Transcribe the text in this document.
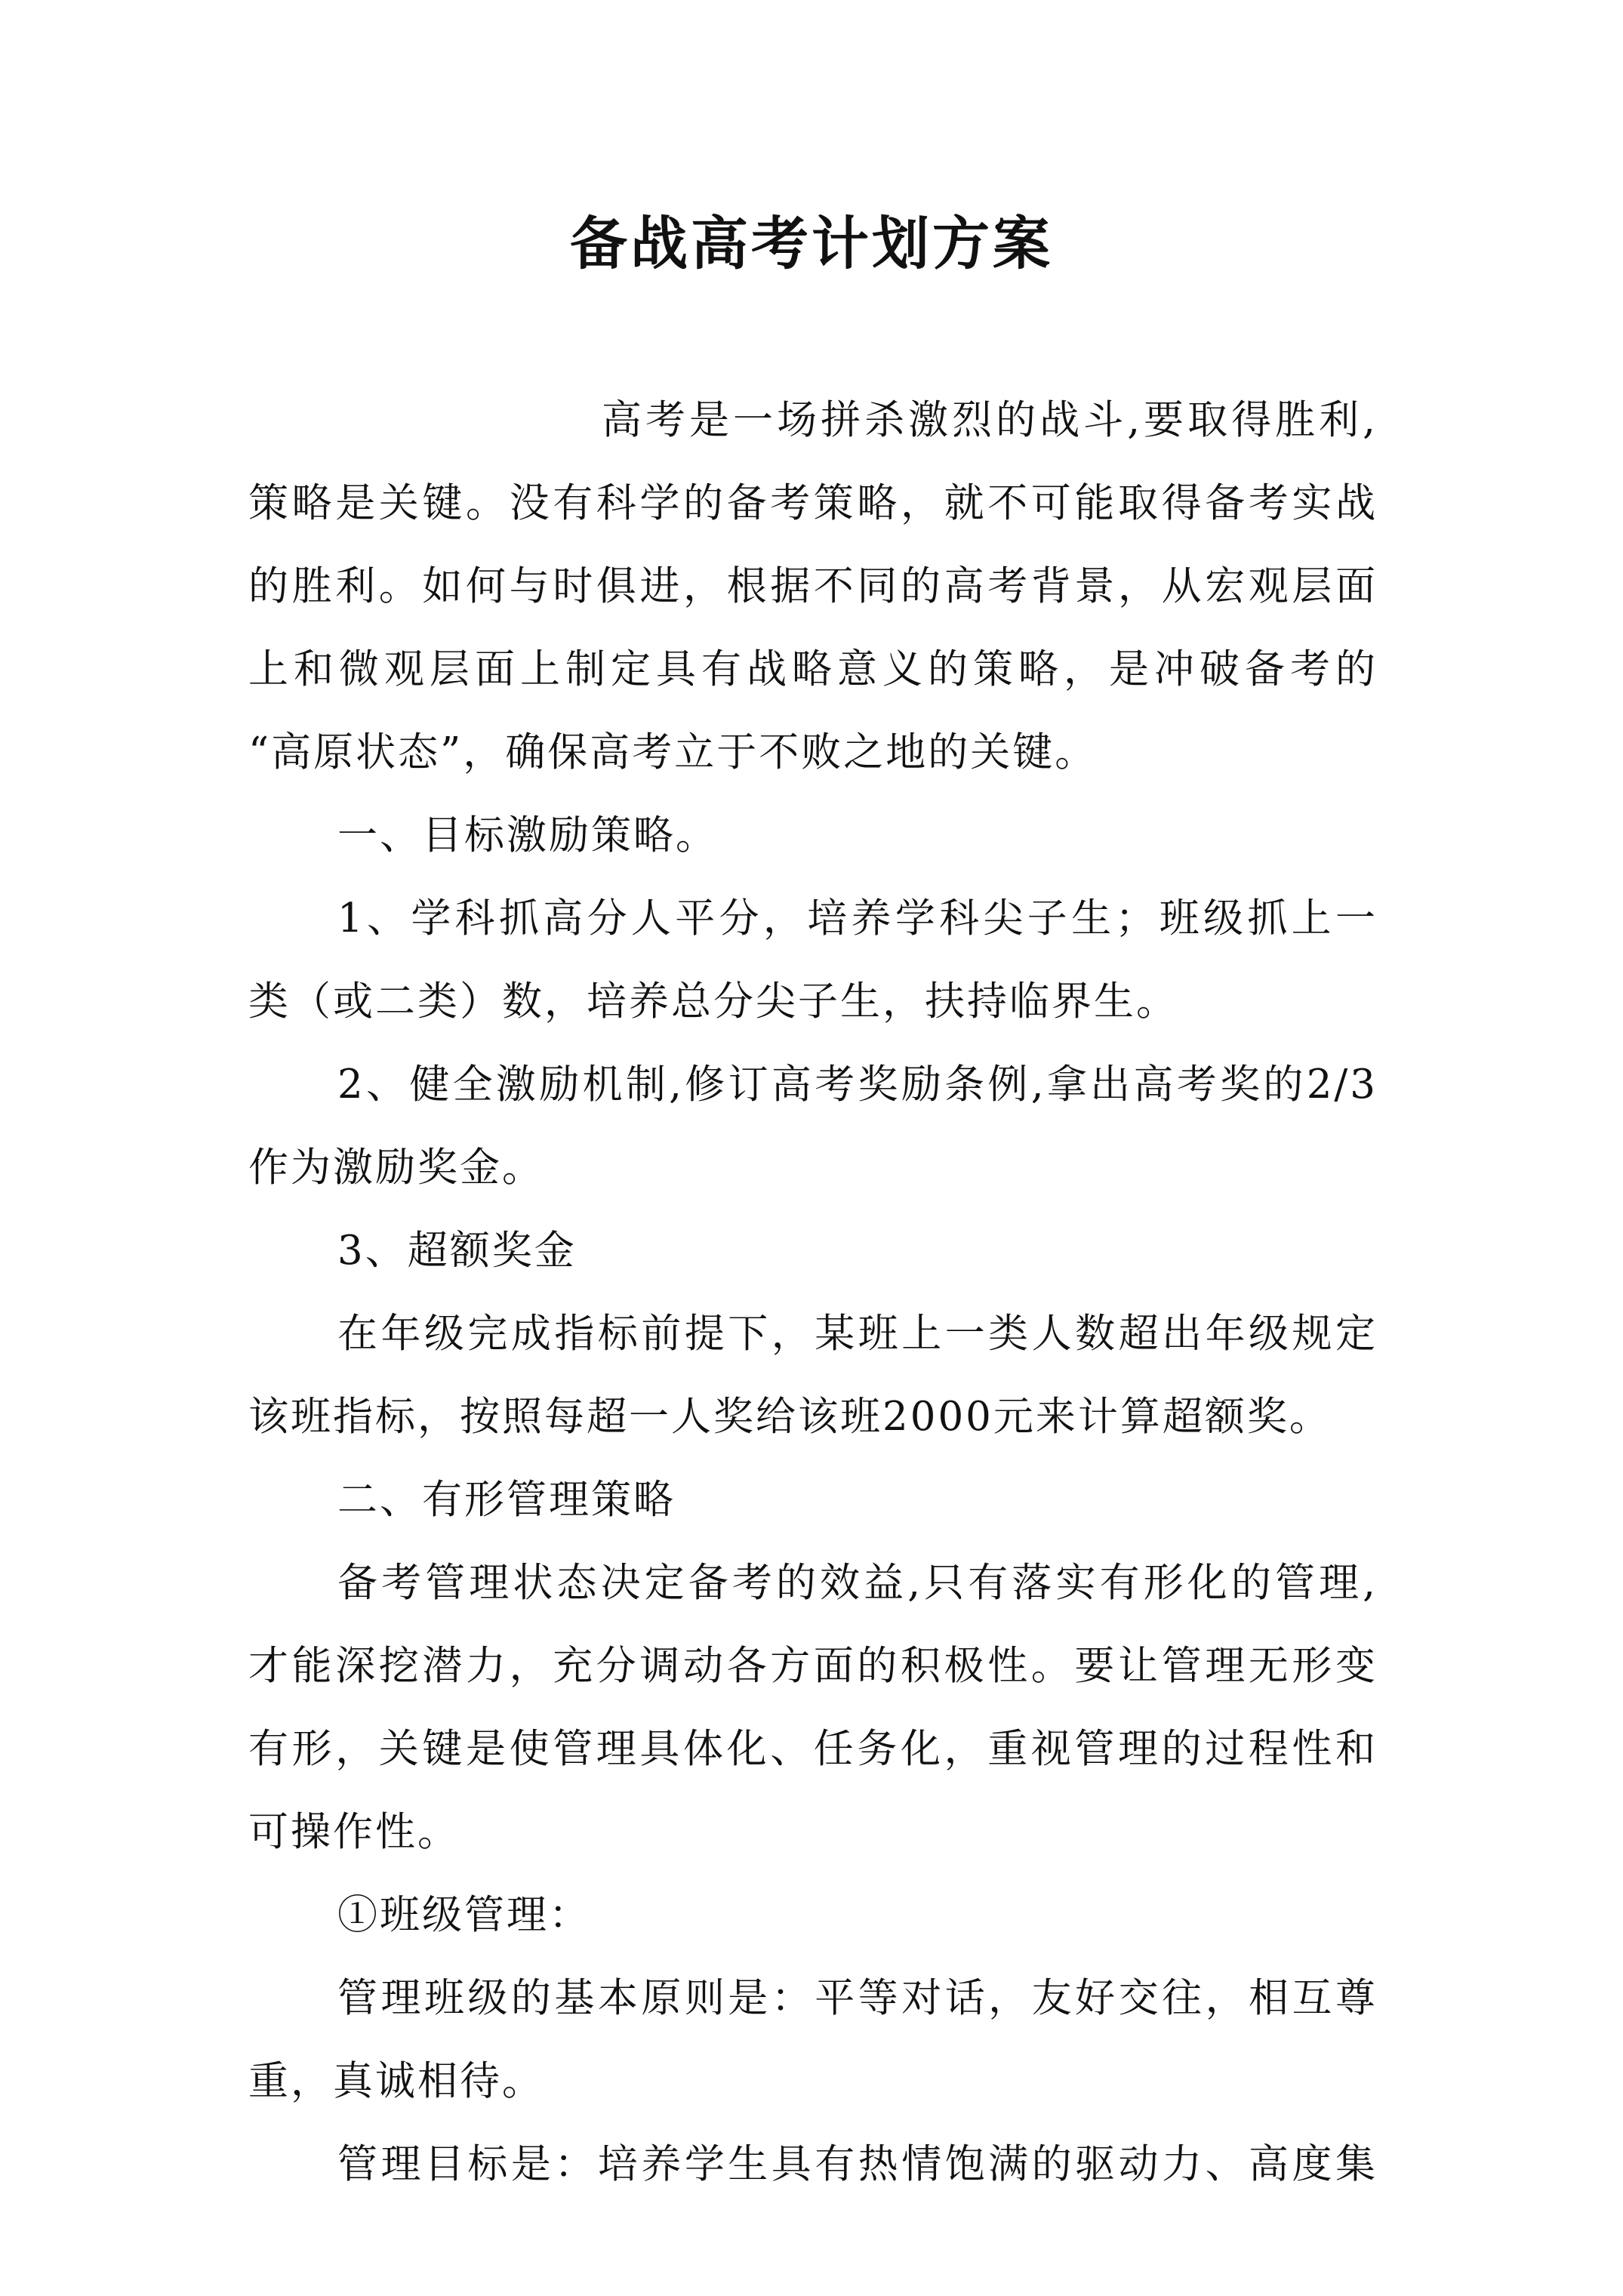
备战高考计划方案

高考是一场拼杀激烈的战斗,要取得胜利,

策略是关键。没有科学的备考策略，就不可能取得备考实战

的胜利。如何与时俱进，根据不同的高考背景，从宏观层面

上和微观层面上制定具有战略意义的策略，是冲破备考的

“高原状态”，确保高考立于不败之地的关键。

一、目标激励策略。

1、学科抓高分人平分，培养学科尖子生；班级抓上一

类（或二类）数，培养总分尖子生，扶持临界生。

2、健全激励机制,修订高考奖励条例,拿出高考奖的2/3

作为激励奖金。

3、超额奖金

在年级完成指标前提下，某班上一类人数超出年级规定

该班指标，按照每超一人奖给该班2000元来计算超额奖。

二、有形管理策略

备考管理状态决定备考的效益,只有落实有形化的管理,

才能深挖潜力，充分调动各方面的积极性。要让管理无形变

有形，关键是使管理具体化、任务化，重视管理的过程性和

可操作性。

①班级管理：

管理班级的基本原则是：平等对话，友好交往，相互尊

重，真诚相待。

管理目标是：培养学生具有热情饱满的驱动力、高度集
